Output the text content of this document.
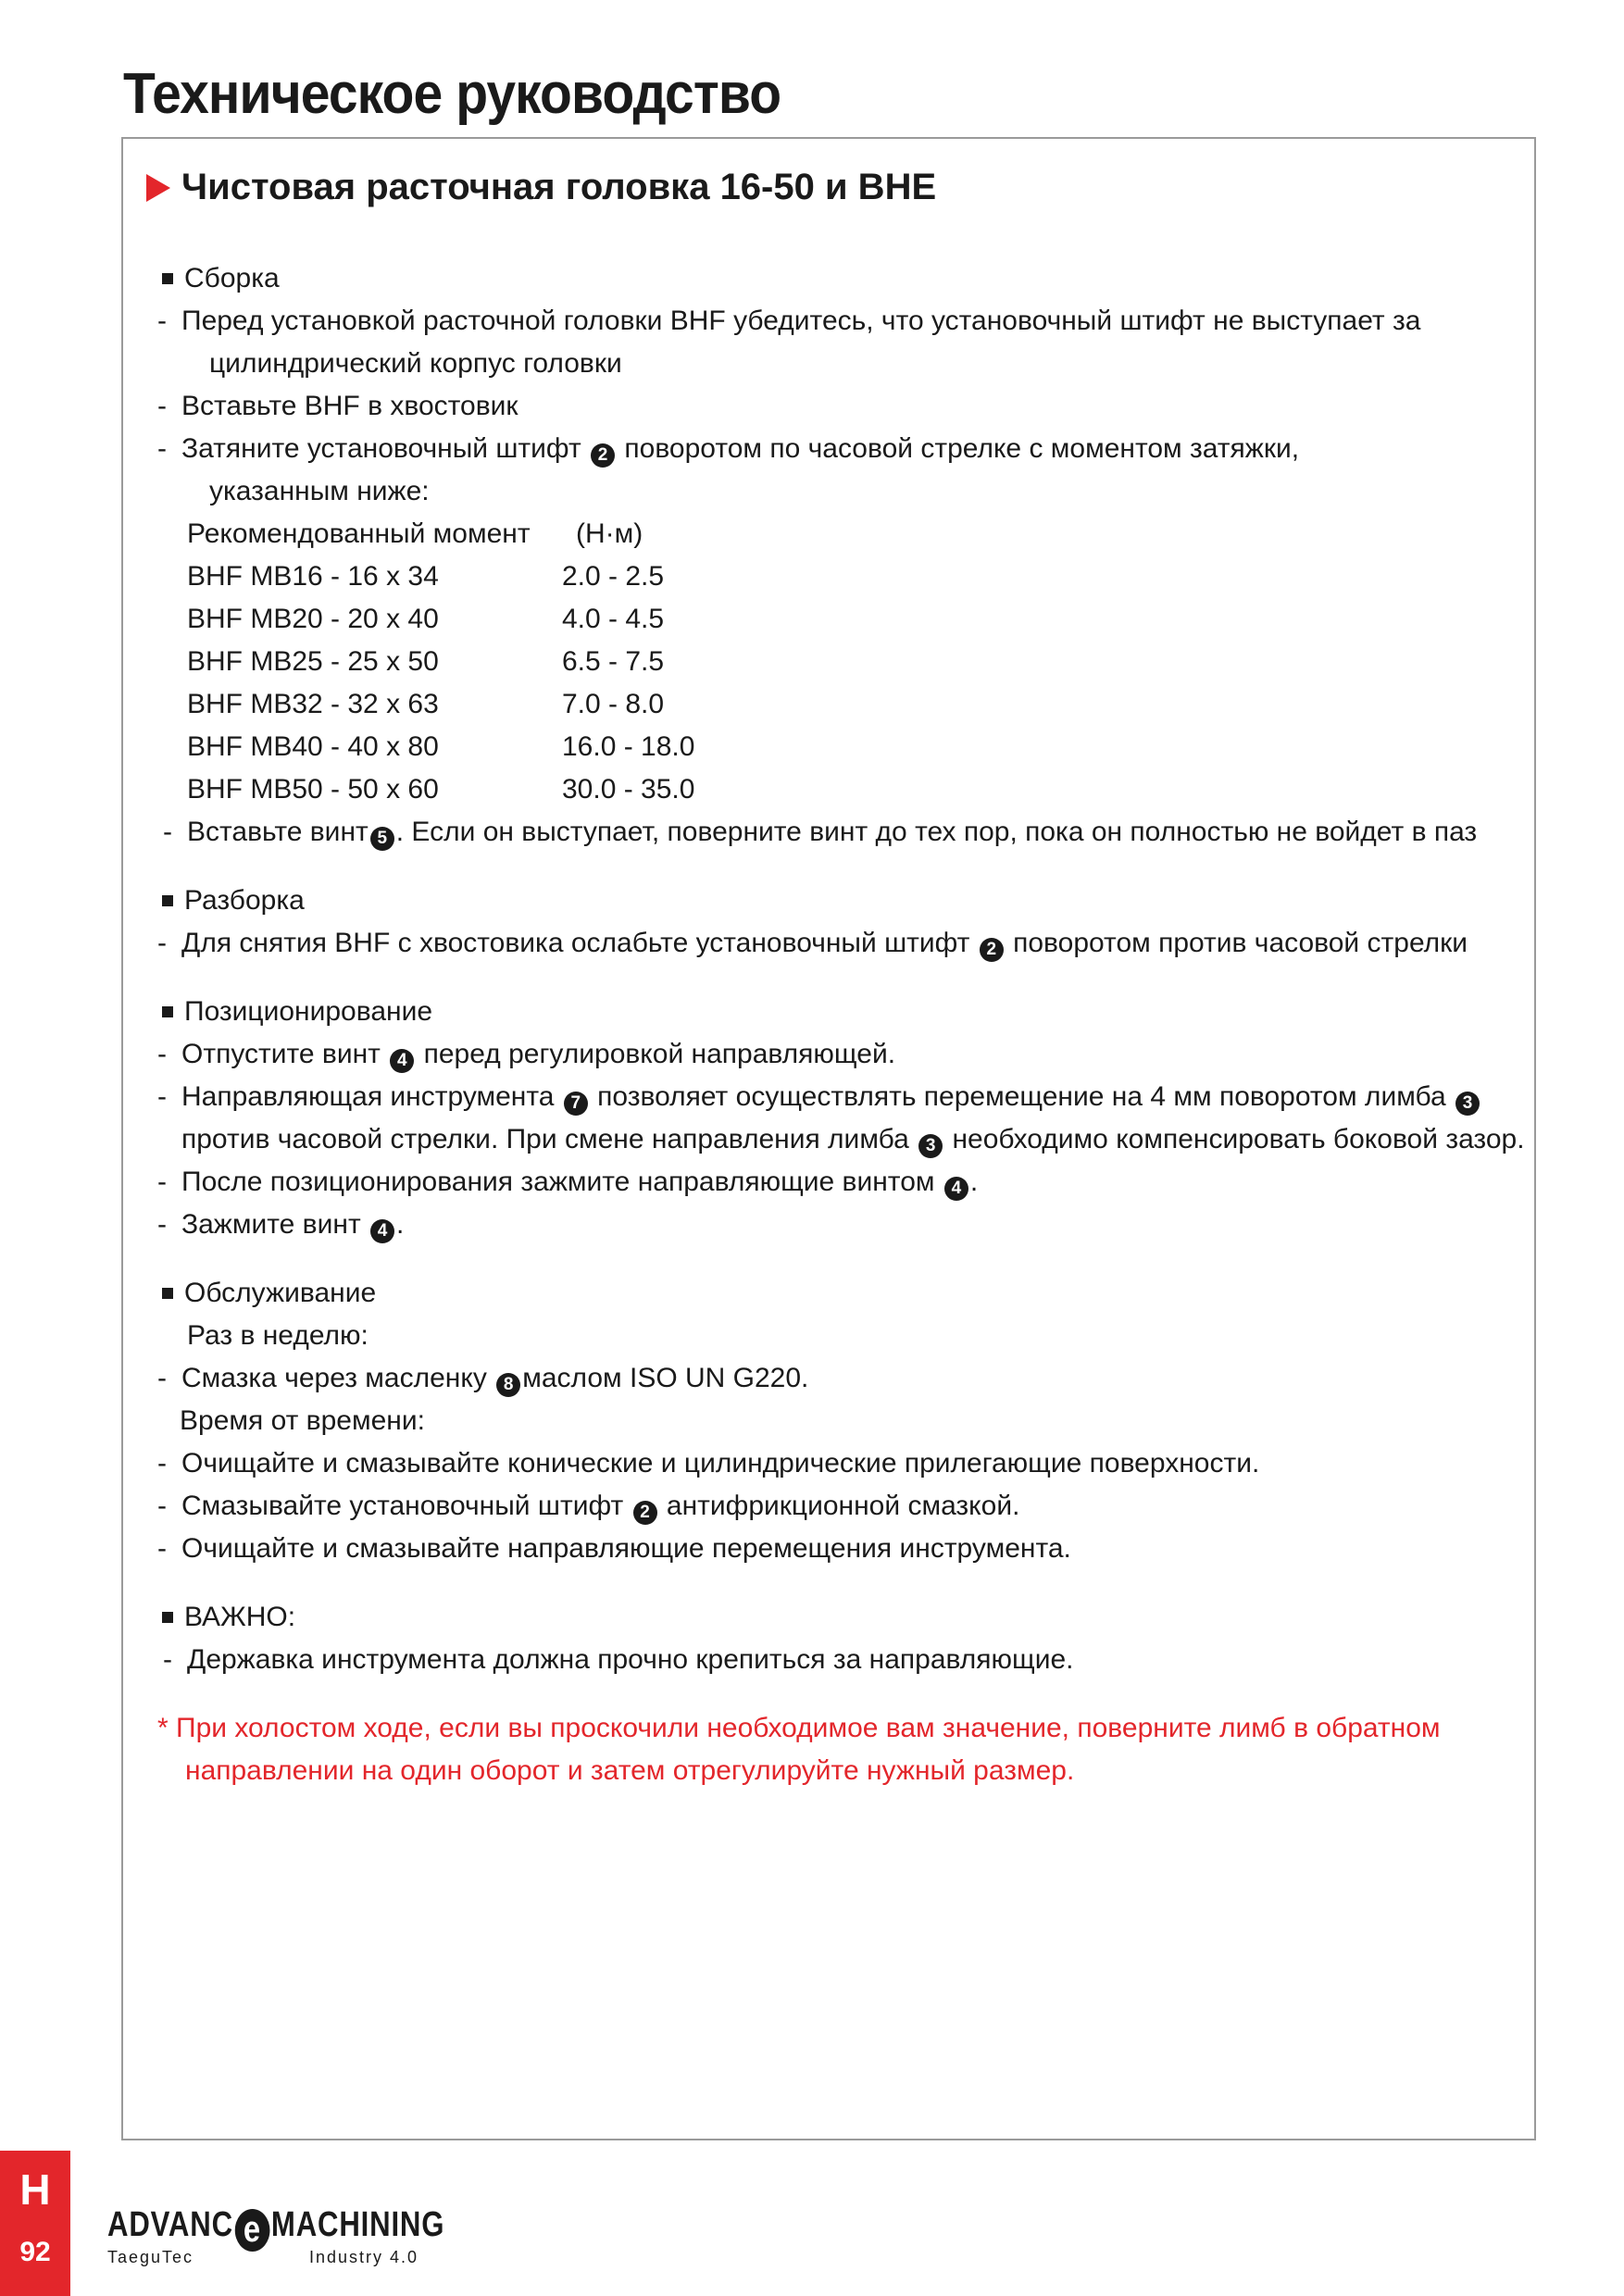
Техническое руководство
Чистовая расточная головка 16-50 и BHE
Сборка
- Перед установкой расточной головки BHF убедитесь, что установочный штифт не выступает за
цилиндрический корпус головки
- Вставьте BHF в хвостовик
- Затяните установочный штифт 2 поворотом по часовой стрелке с моментом затяжки,
указанным ниже:
Рекомендованный момент	(Н·м)
BHF MB16 - 16 x 34	2.0 - 2.5
BHF MB20 - 20 x 40	4.0 - 4.5
BHF MB25 - 25 x 50	6.5 - 7.5
BHF MB32 - 32 x 63	7.0 - 8.0
BHF MB40 - 40 x 80	16.0 - 18.0
BHF MB50 - 50 x 60	30.0 - 35.0
- Вставьте винт 5 . Если он выступает, поверните винт до тех пор, пока он полностью не войдет в паз
Разборка
- Для снятия BHF с хвостовика ослабьте установочный штифт 2 поворотом против часовой стрелки
Позиционирование
- Отпустите винт 4 перед регулировкой направляющей.
- Направляющая инструмента 7 позволяет осуществлять перемещение на 4 мм поворотом лимба 3
против часовой стрелки. При смене направления лимба 3 необходимо компенсировать боковой зазор.
- После позиционирования зажмите направляющие винтом 4 .
- Зажмите винт 4 .
Обслуживание
Раз в неделю:
- Смазка через масленку 8 маслом ISO UN G220.
Время от времени:
- Очищайте и смазывайте конические и цилиндрические прилегающие поверхности.
- Смазывайте установочный штифт 2 антифрикционной смазкой.
- Очищайте и смазывайте направляющие перемещения инструмента.
ВАЖНО:
- Державка инструмента должна прочно крепиться за направляющие.
* При холостом ходе, если вы проскочили необходимое вам значение, поверните лимб в обратном
направлении на один оборот и затем отрегулируйте нужный размер.
H
92
ADVANC e MACHINING
TaeguTec	Industry 4.0
